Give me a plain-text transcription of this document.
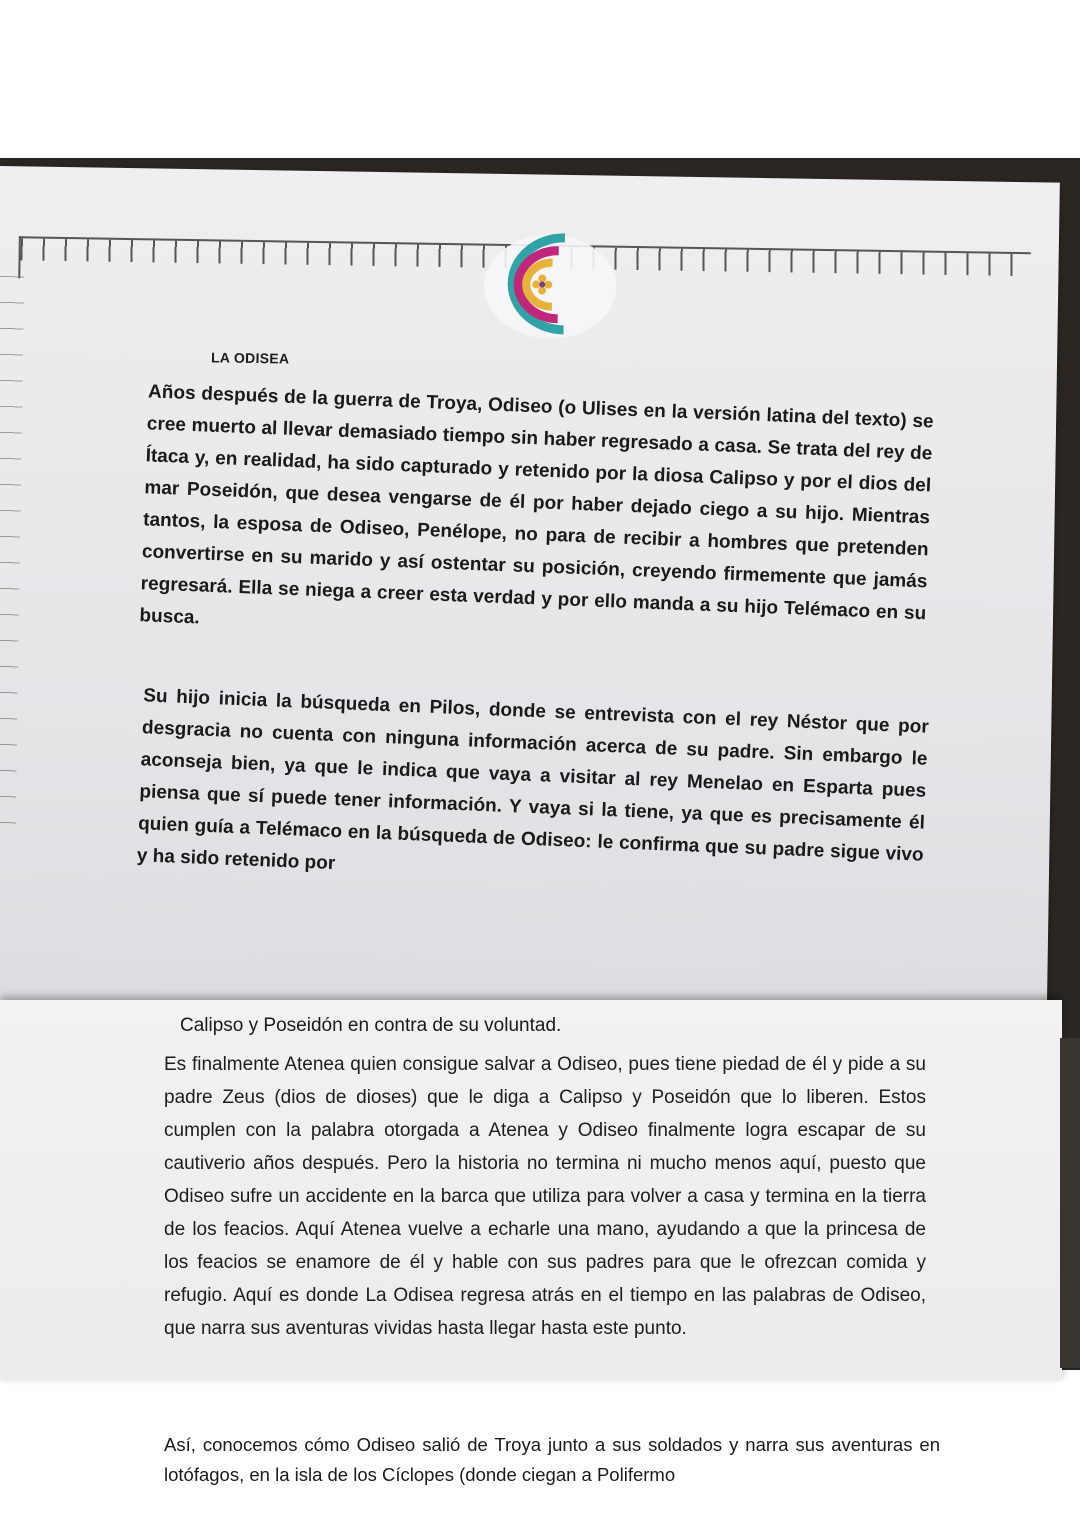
LA ODISEA

Años después de la guerra de Troya, Odiseo (o Ulises en la versión latina del texto) se cree muerto al llevar demasiado tiempo sin haber regresado a casa. Se trata del rey de Ítaca y, en realidad, ha sido capturado y retenido por la diosa Calipso y por el dios del mar Poseidón, que desea vengarse de él por haber dejado ciego a su hijo. Mientras tantos, la esposa de Odiseo, Penélope, no para de recibir a hombres que pretenden convertirse en su marido y así ostentar su posición, creyendo firmemente que jamás regresará. Ella se niega a creer esta verdad y por ello manda a su hijo Telémaco en su busca.

Su hijo inicia la búsqueda en Pilos, donde se entrevista con el rey Néstor que por desgracia no cuenta con ninguna información acerca de su padre. Sin embargo le aconseja bien, ya que le indica que vaya a visitar al rey Menelao en Esparta pues piensa que sí puede tener información. Y vaya si la tiene, ya que es precisamente él quien guía a Telémaco en la búsqueda de Odiseo: le confirma que su padre sigue vivo y ha sido retenido por

Calipso y Poseidón en contra de su voluntad.

Es finalmente Atenea quien consigue salvar a Odiseo, pues tiene piedad de él y pide a su padre Zeus (dios de dioses) que le diga a Calipso y Poseidón que lo liberen. Estos cumplen con la palabra otorgada a Atenea y Odiseo finalmente logra escapar de su cautiverio años después. Pero la historia no termina ni mucho menos aquí, puesto que Odiseo sufre un accidente en la barca que utiliza para volver a casa y termina en la tierra de los feacios. Aquí Atenea vuelve a echarle una mano, ayudando a que la princesa de los feacios se enamore de él y hable con sus padres para que le ofrezcan comida y refugio. Aquí es donde La Odisea regresa atrás en el tiempo en las palabras de Odiseo, que narra sus aventuras vividas hasta llegar hasta este punto.

Así, conocemos cómo Odiseo salió de Troya junto a sus soldados y narra sus aventuras en lotófagos, en la isla de los Cíclopes (donde ciegan a Polifermo
